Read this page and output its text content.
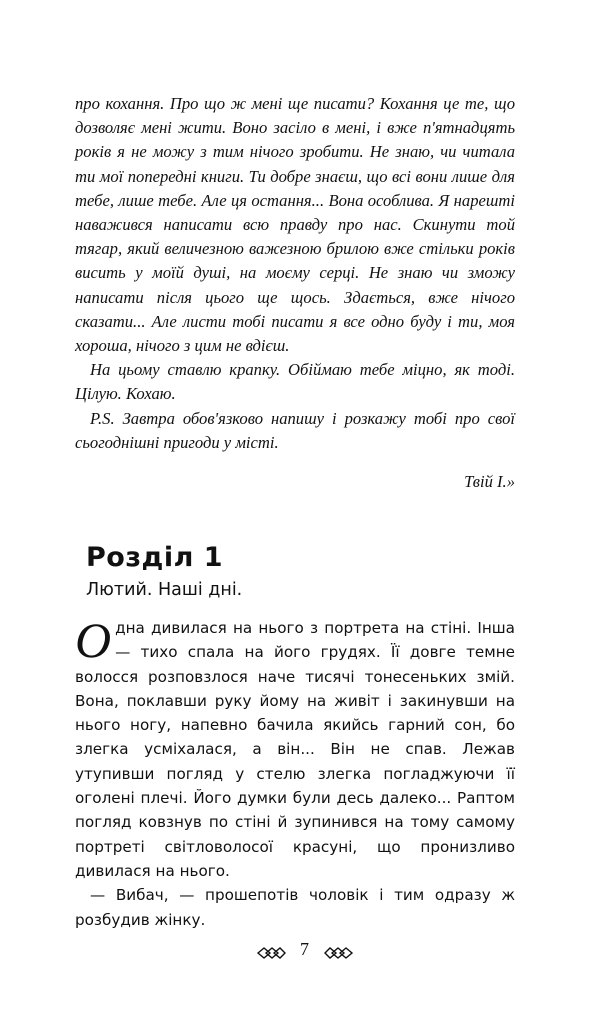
про кохання. Про що ж мені ще писати? Кохання це те, що дозволяє мені жити. Воно засіло в мені, і вже п'ятнадцять років я не можу з тим нічого зробити. Не знаю, чи читала ти мої попередні книги. Ти добре знаєш, що всі вони лише для тебе, лише тебе. Але ця остання... Вона особлива. Я нарешті наважився написати всю правду про нас. Скинути той тягар, який величезною важезною брилою вже стільки років висить у моїй душі, на моєму серці. Не знаю чи зможу написати після цього ще щось. Здається, вже нічого сказати... Але листи тобі писати я все одно буду і ти, моя хороша, нічого з цим не вдієш.

На цьому ставлю крапку. Обіймаю тебе міцно, як тоді. Цілую. Кохаю.

P.S. Завтра обов'язково напишу і розкажу тобі про свої сьогоднішні пригоди у місті.

Твій І.»
Розділ 1
Лютий. Наші дні.

Одна дивилася на нього з портрета на стіні. Інша — тихо спала на його грудях. Її довге темне волосся розповзлося наче тисячі тонесеньких змій. Вона, поклавши руку йому на живіт і закинувши на нього ногу, напевно бачила якийсь гарний сон, бо злегка усміхалася, а він... Він не спав. Лежав утупивши погляд у стелю злегка погладжуючи її оголені плечі. Його думки були десь далеко... Раптом погляд ковзнув по стіні й зупинився на тому самому портреті світловолосої красуні, що пронизливо дивилася на нього.

— Вибач, — прошепотів чоловік і тим одразу ж розбудив жінку.

7
